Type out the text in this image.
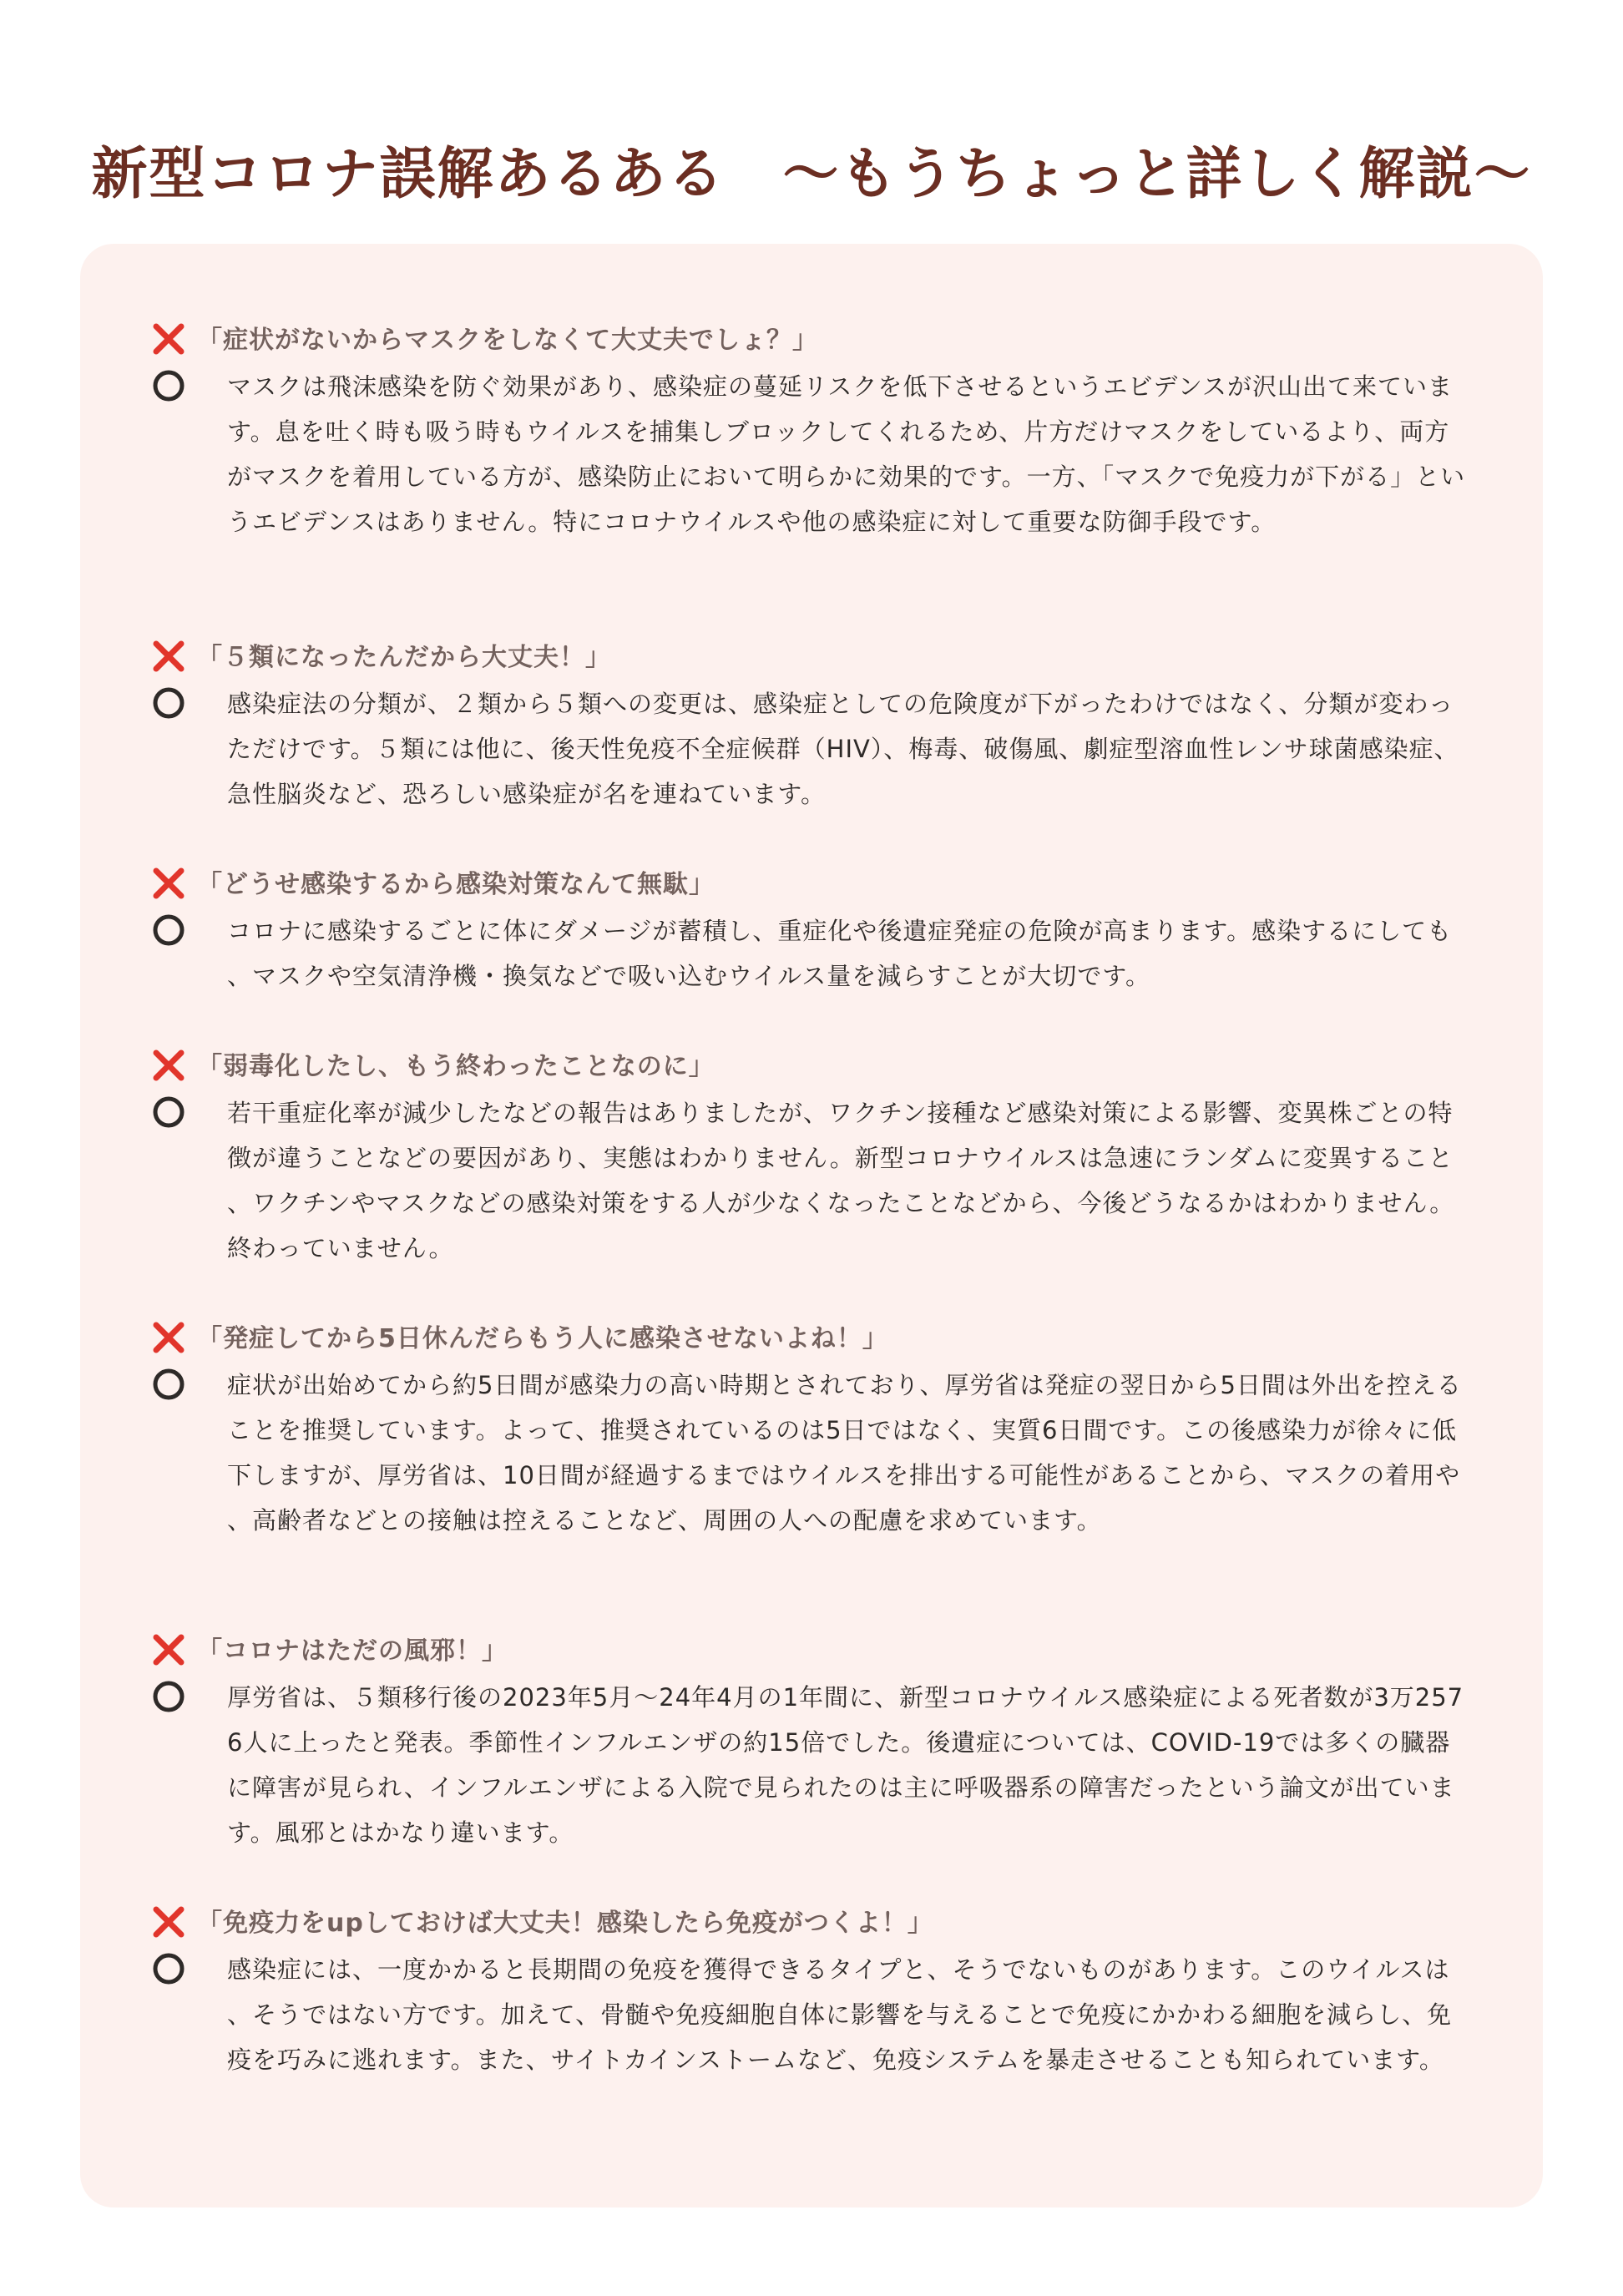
新型コロナ誤解あるある　〜もうちょっと詳しく解説〜
「症状がないからマスクをしなくて大丈夫でしょ？」
マスクは飛沫感染を防ぐ効果があり、感染症の蔓延リスクを低下させるというエビデンスが沢山出て来ています。息を吐く時も吸う時もウイルスを捕集しブロックしてくれるため、片方だけマスクをしているより、両方がマスクを着用している方が、感染防止において明らかに効果的です。一方、「マスクで免疫力が下がる」というエビデンスはありません。特にコロナウイルスや他の感染症に対して重要な防御手段です。
「５類になったんだから大丈夫！」
感染症法の分類が、２類から５類への変更は、感染症としての危険度が下がったわけではなく、分類が変わっただけです。５類には他に、後天性免疫不全症候群（HIV）、梅毒、破傷風、劇症型溶血性レンサ球菌感染症、急性脳炎など、恐ろしい感染症が名を連ねています。
「どうせ感染するから感染対策なんて無駄」
コロナに感染するごとに体にダメージが蓄積し、重症化や後遺症発症の危険が高まります。感染するにしても、マスクや空気清浄機・換気などで吸い込むウイルス量を減らすことが大切です。
「弱毒化したし、もう終わったことなのに」
若干重症化率が減少したなどの報告はありましたが、ワクチン接種など感染対策による影響、変異株ごとの特徴が違うことなどの要因があり、実態はわかりません。新型コロナウイルスは急速にランダムに変異すること、ワクチンやマスクなどの感染対策をする人が少なくなったことなどから、今後どうなるかはわかりません。終わっていません。
「発症してから5日休んだらもう人に感染させないよね！」
症状が出始めてから約5日間が感染力の高い時期とされており、厚労省は発症の翌日から5日間は外出を控えることを推奨しています。よって、推奨されているのは5日ではなく、実質6日間です。この後感染力が徐々に低下しますが、厚労省は、10日間が経過するまではウイルスを排出する可能性があることから、マスクの着用や、高齢者などとの接触は控えることなど、周囲の人への配慮を求めています。
「コロナはただの風邪！」
厚労省は、５類移行後の2023年5月〜24年4月の1年間に、新型コロナウイルス感染症による死者数が3万2576人に上ったと発表。季節性インフルエンザの約15倍でした。後遺症については、COVID-19では多くの臓器に障害が見られ、インフルエンザによる入院で見られたのは主に呼吸器系の障害だったという論文が出ています。風邪とはかなり違います。
「免疫力をupしておけば大丈夫！感染したら免疫がつくよ！」
感染症には、一度かかると長期間の免疫を獲得できるタイプと、そうでないものがあります。このウイルスは、そうではない方です。加えて、骨髄や免疫細胞自体に影響を与えることで免疫にかかわる細胞を減らし、免疫を巧みに逃れます。また、サイトカインストームなど、免疫システムを暴走させることも知られています。
